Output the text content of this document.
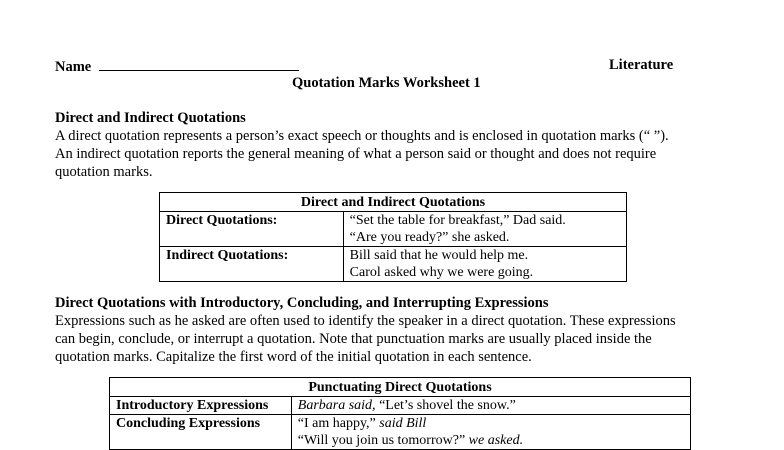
Name	Literature
Quotation Marks Worksheet 1
Direct and Indirect Quotations
A direct quotation represents a person’s exact speech or thoughts and is enclosed in quotation marks (“ ”).
An indirect quotation reports the general meaning of what a person said or thought and does not require
quotation marks.
Direct and Indirect Quotations	
Direct Quotations:	“Set the table for breakfast,” Dad said.
“Are you ready?” she asked.

Indirect Quotations:	Bill said that he would help me.
Carol asked why we were going.
Direct Quotations with Introductory, Concluding, and Interrupting Expressions
Expressions such as he asked are often used to identify the speaker in a direct quotation. These expressions
can begin, conclude, or interrupt a quotation. Note that punctuation marks are usually placed inside the
quotation marks. Capitalize the first word of the initial quotation in each sentence.
Punctuating Direct Quotations	
Introductory Expressions	Barbara said, “Let’s shovel the snow.”
Concluding Expressions	“I am happy,” said Bill
“Will you join us tomorrow?” we asked.
